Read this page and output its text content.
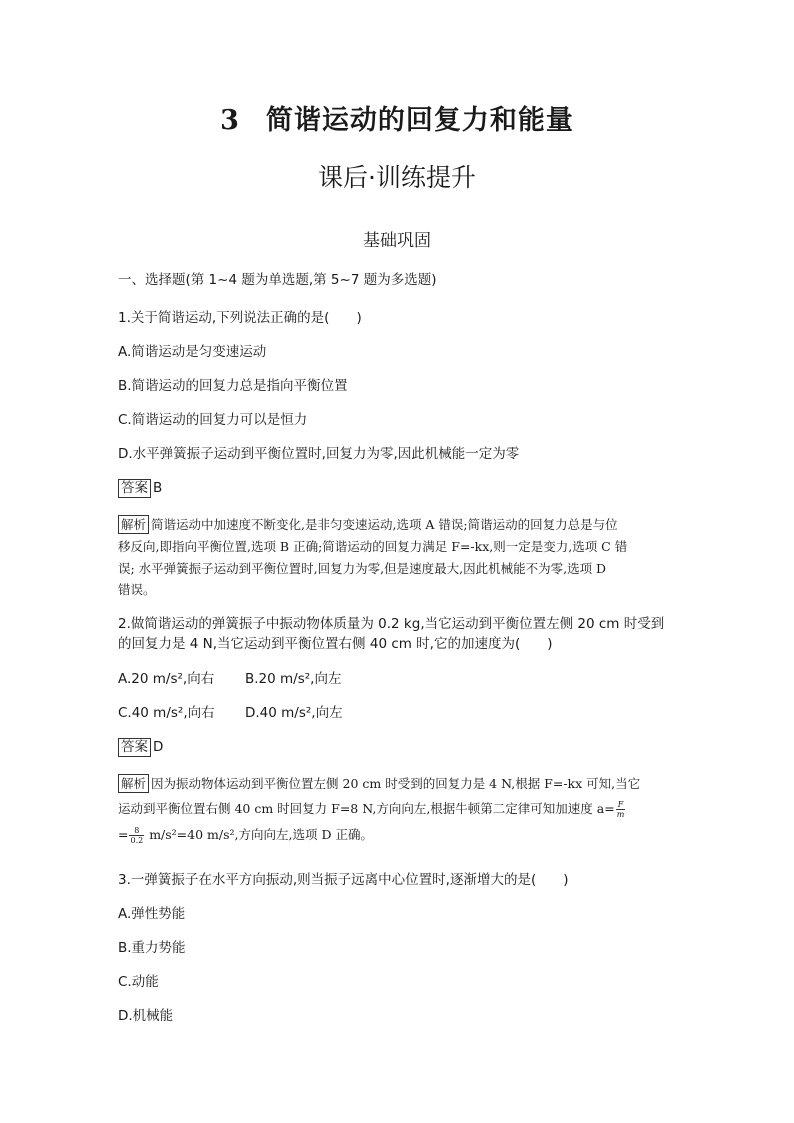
3 简谐运动的回复力和能量
课后·训练提升
基础巩固
一、选择题(第 1~4 题为单选题,第 5~7 题为多选题)
1.关于简谐运动,下列说法正确的是(　　)
A.简谐运动是匀变速运动
B.简谐运动的回复力总是指向平衡位置
C.简谐运动的回复力可以是恒力
D.水平弹簧振子运动到平衡位置时,回复力为零,因此机械能一定为零
答案 B
解析 简谐运动中加速度不断变化,是非匀变速运动,选项 A 错误;简谐运动的回复力总是与位
移反向,即指向平衡位置,选项 B 正确;简谐运动的回复力满足 F=-kx,则一定是变力,选项 C 错
误; 水平弹簧振子运动到平衡位置时,回复力为零,但是速度最大,因此机械能不为零,选项 D
错误。
2.做简谐运动的弹簧振子中振动物体质量为 0.2 kg,当它运动到平衡位置左侧 20 cm 时受到
的回复力是 4 N,当它运动到平衡位置右侧 40 cm 时,它的加速度为(　　)
A.20 m/s²,向右 B.20 m/s²,向左
C.40 m/s²,向右 D.40 m/s²,向左
答案 D
解析 因为振动物体运动到平衡位置左侧 20 cm 时受到的回复力是 4 N,根据 F=-kx 可知,当它
运动到平衡位置右侧 40 cm 时回复力 F=8 N,方向向左,根据牛顿第二定律可知加速度 $a= \frac{F}{m}$
= $\frac{8}{0.2} m/s^2=40$ m/s²,方向向左,选项 D 正确。
3.一弹簧振子在水平方向振动,则当振子远离中心位置时,逐渐增大的是(　　)
A.弹性势能
B.重力势能
C.动能
D.机械能
